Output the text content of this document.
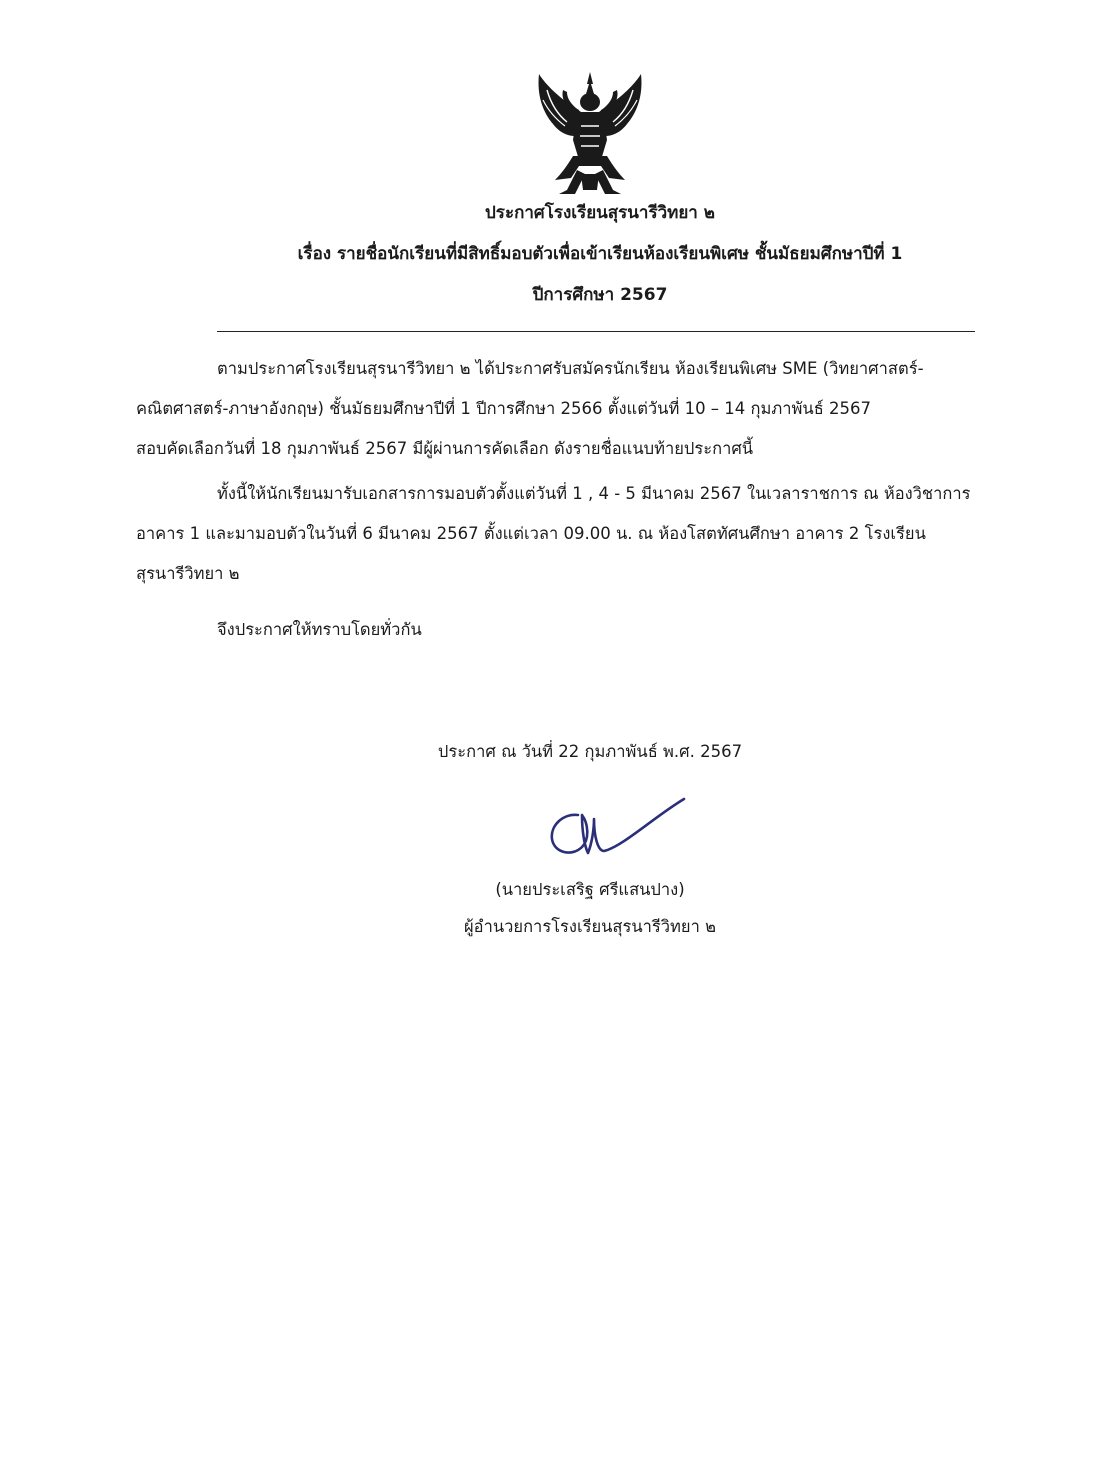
ประกาศโรงเรียนสุรนารีวิทยา ๒
เรื่อง รายชื่อนักเรียนที่มีสิทธิ์มอบตัวเพื่อเข้าเรียนห้องเรียนพิเศษ ชั้นมัธยมศึกษาปีที่ 1
ปีการศึกษา 2567
ตามประกาศโรงเรียนสุรนารีวิทยา ๒ ได้ประกาศรับสมัครนักเรียน ห้องเรียนพิเศษ SME (วิทยาศาสตร์-
คณิตศาสตร์-ภาษาอังกฤษ) ชั้นมัธยมศึกษาปีที่ 1 ปีการศึกษา 2566 ตั้งแต่วันที่ 10 – 14 กุมภาพันธ์ 2567
สอบคัดเลือกวันที่ 18 กุมภาพันธ์ 2567 มีผู้ผ่านการคัดเลือก ดังรายชื่อแนบท้ายประกาศนี้
ทั้งนี้ให้นักเรียนมารับเอกสารการมอบตัวตั้งแต่วันที่ 1 , 4 - 5 มีนาคม 2567 ในเวลาราชการ ณ ห้องวิชาการ
อาคาร 1 และมามอบตัวในวันที่ 6 มีนาคม 2567 ตั้งแต่เวลา 09.00 น. ณ ห้องโสตทัศนศึกษา อาคาร 2 โรงเรียน
สุรนารีวิทยา ๒
จึงประกาศให้ทราบโดยทั่วกัน
ประกาศ ณ วันที่ 22 กุมภาพันธ์ พ.ศ. 2567
(นายประเสริฐ ศรีแสนปาง)
ผู้อำนวยการโรงเรียนสุรนารีวิทยา ๒
